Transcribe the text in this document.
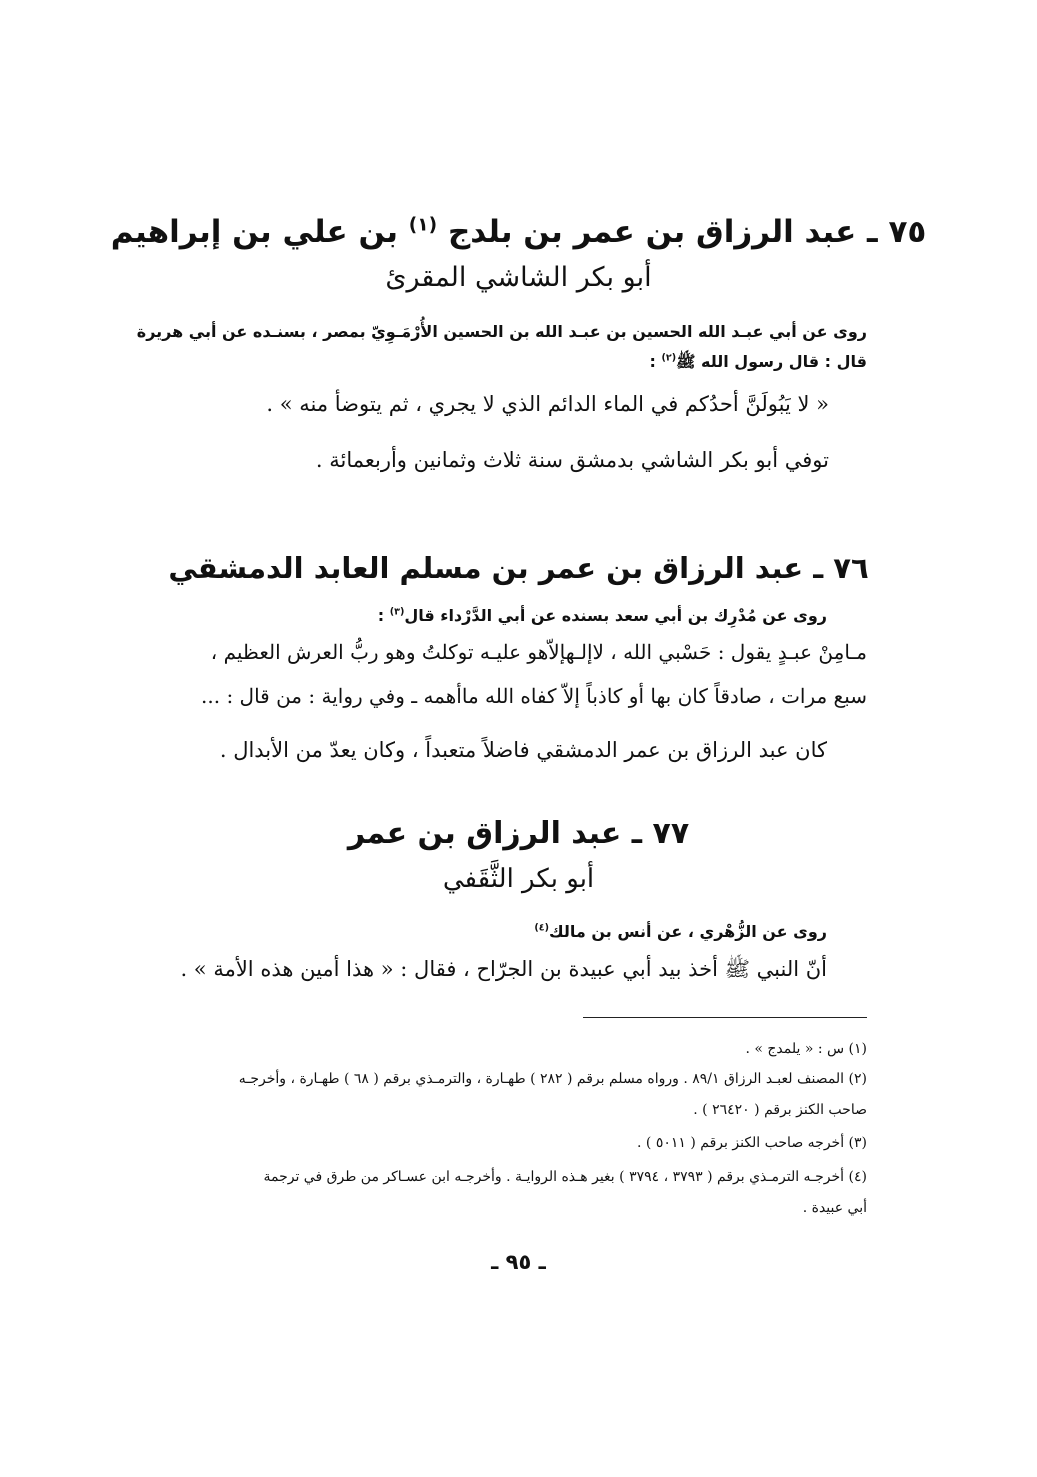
٧٥ ـ عبد الرزاق بن عمر بن بلدج $^{(١)}$ بن علي بن إبراهيم
أبو بكر الشاشي المقرئ
روى عن أبي عبـد الله الحسين بن عبـد الله بن الحسين الأُرْمَـوِيّ بمصر ، بسنـده عن أبي هريرة
قال : قال رسول الله ﷺ$^{(٢)}$ :
« لا يَبُولَنَّ أحدُكم في الماء الدائم الذي لا يجري ، ثم يتوضأ منه » .
توفي أبو بكر الشاشي بدمشق سنة ثلاث وثمانين وأربعمائة .
٧٦ ـ عبد الرزاق بن عمر بن مسلم العابد الدمشقي
روى عن مُدْرِك بن أبي سعد بسنده عن أبي الدَّرْداء قال$^{(٣)}$ :
مـامِنْ عبـدٍ يقول : حَسْبي الله ، لاإلـهإلاّهو عليـه توكلتُ وهو ربُّ العرش العظيم ،
سبع مرات ، صادقاً كان بها أو كاذباً إلاّ كفاه الله ماأهمه ـ وفي رواية : من قال : ...
كان عبد الرزاق بن عمر الدمشقي فاضلاً متعبداً ، وكان يعدّ من الأبدال .
٧٧ ـ عبد الرزاق بن عمر
أبو بكر الثَّقَفي
روى عن الزُّهْري ، عن أنس بن مالك$^{(٤)}$
أنّ النبي ﷺ أخذ بيد أبي عبيدة بن الجرّاح ، فقال : « هذا أمين هذه الأمة » .
(١) س : « يلمدج » .
(٢) المصنف لعبـد الرزاق ٨٩/١ . ورواه مسلم برقم ( ٢٨٢ ) طهـارة ، والترمـذي برقم ( ٦٨ ) طهـارة ، وأخرجـه
صاحب الكنز برقم ( ٢٦٤٢٠ ) .
(٣) أخرجه صاحب الكنز برقم ( ٥٠١١ ) .
(٤) أخرجـه الترمـذي برقم ( ٣٧٩٣ ، ٣٧٩٤ ) بغير هـذه الروايـة . وأخرجـه ابن عسـاكر من طرق في ترجمة
أبي عبيدة .
ـ ٩٥ ـ
